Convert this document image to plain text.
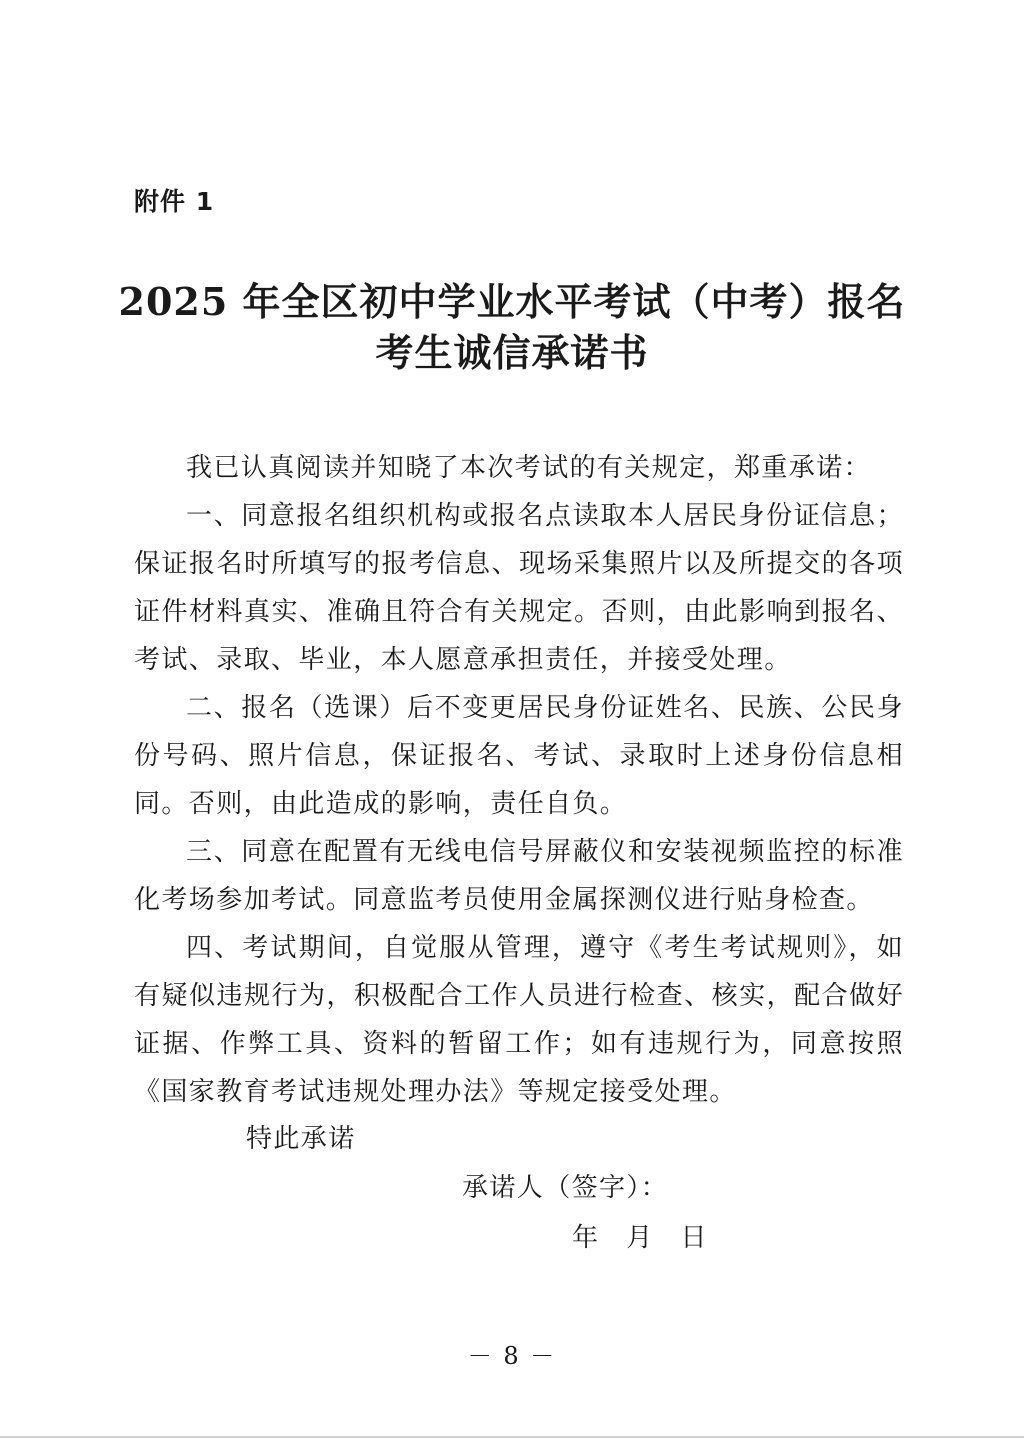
附件 1
2025 年全区初中学业水平考试（中考）报名
考生诚信承诺书

我已认真阅读并知晓了本次考试的有关规定，郑重承诺：

一、同意报名组织机构或报名点读取本人居民身份证信息；保证报名时所填写的报考信息、现场采集照片以及所提交的各项证件材料真实、准确且符合有关规定。否则，由此影响到报名、考试、录取、毕业，本人愿意承担责任，并接受处理。

二、报名（选课）后不变更居民身份证姓名、民族、公民身份号码、照片信息，保证报名、考试、录取时上述身份信息相同。否则，由此造成的影响，责任自负。

三、同意在配置有无线电信号屏蔽仪和安装视频监控的标准化考场参加考试。同意监考员使用金属探测仪进行贴身检查。

四、考试期间，自觉服从管理，遵守《考生考试规则》，如有疑似违规行为，积极配合工作人员进行检查、核实，配合做好证据、作弊工具、资料的暂留工作；如有违规行为，同意按照《国家教育考试违规处理办法》等规定接受处理。

特此承诺
承诺人（签字）：
年 月 日
－ 8 －
